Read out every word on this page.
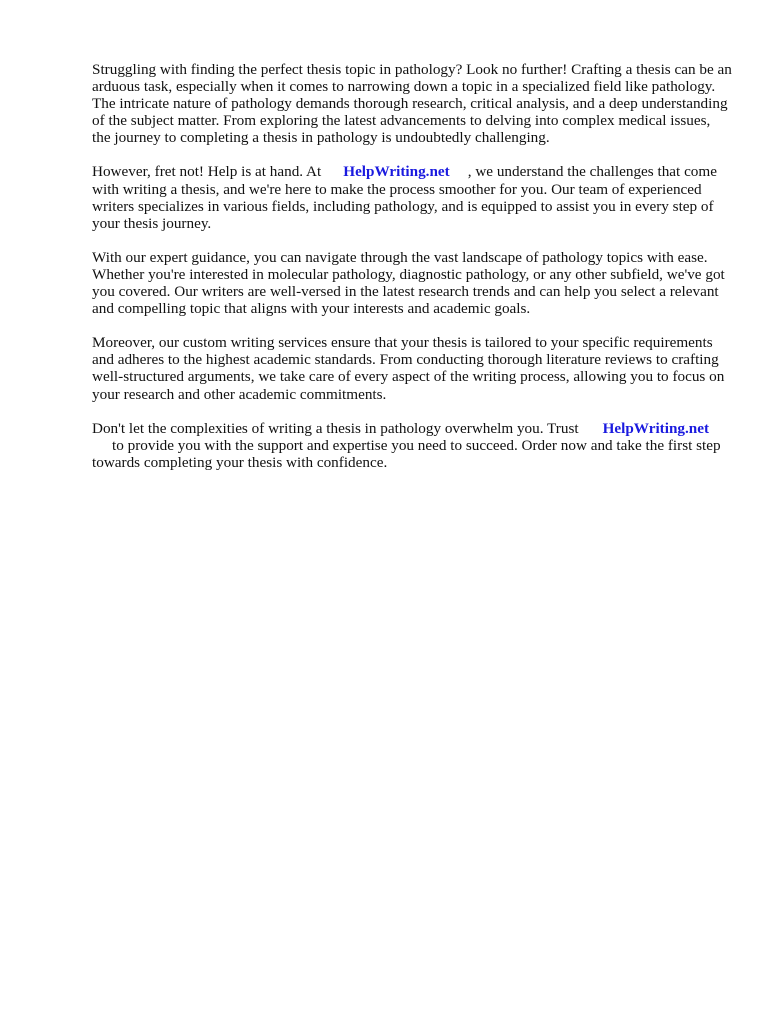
Struggling with finding the perfect thesis topic in pathology? Look no further! Crafting a thesis can be an arduous task, especially when it comes to narrowing down a topic in a specialized field like pathology. The intricate nature of pathology demands thorough research, critical analysis, and a deep understanding of the subject matter. From exploring the latest advancements to delving into complex medical issues, the journey to completing a thesis in pathology is undoubtedly challenging.

However, fret not! Help is at hand. At HelpWriting.net , we understand the challenges that come with writing a thesis, and we're here to make the process smoother for you. Our team of experienced writers specializes in various fields, including pathology, and is equipped to assist you in every step of your thesis journey.

With our expert guidance, you can navigate through the vast landscape of pathology topics with ease. Whether you're interested in molecular pathology, diagnostic pathology, or any other subfield, we've got you covered. Our writers are well-versed in the latest research trends and can help you select a relevant and compelling topic that aligns with your interests and academic goals.

Moreover, our custom writing services ensure that your thesis is tailored to your specific requirements and adheres to the highest academic standards. From conducting thorough literature reviews to crafting well-structured arguments, we take care of every aspect of the writing process, allowing you to focus on your research and other academic commitments.

Don't let the complexities of writing a thesis in pathology overwhelm you. Trust HelpWriting.net
to provide you with the support and expertise you need to succeed. Order now and take the first step towards completing your thesis with confidence.
